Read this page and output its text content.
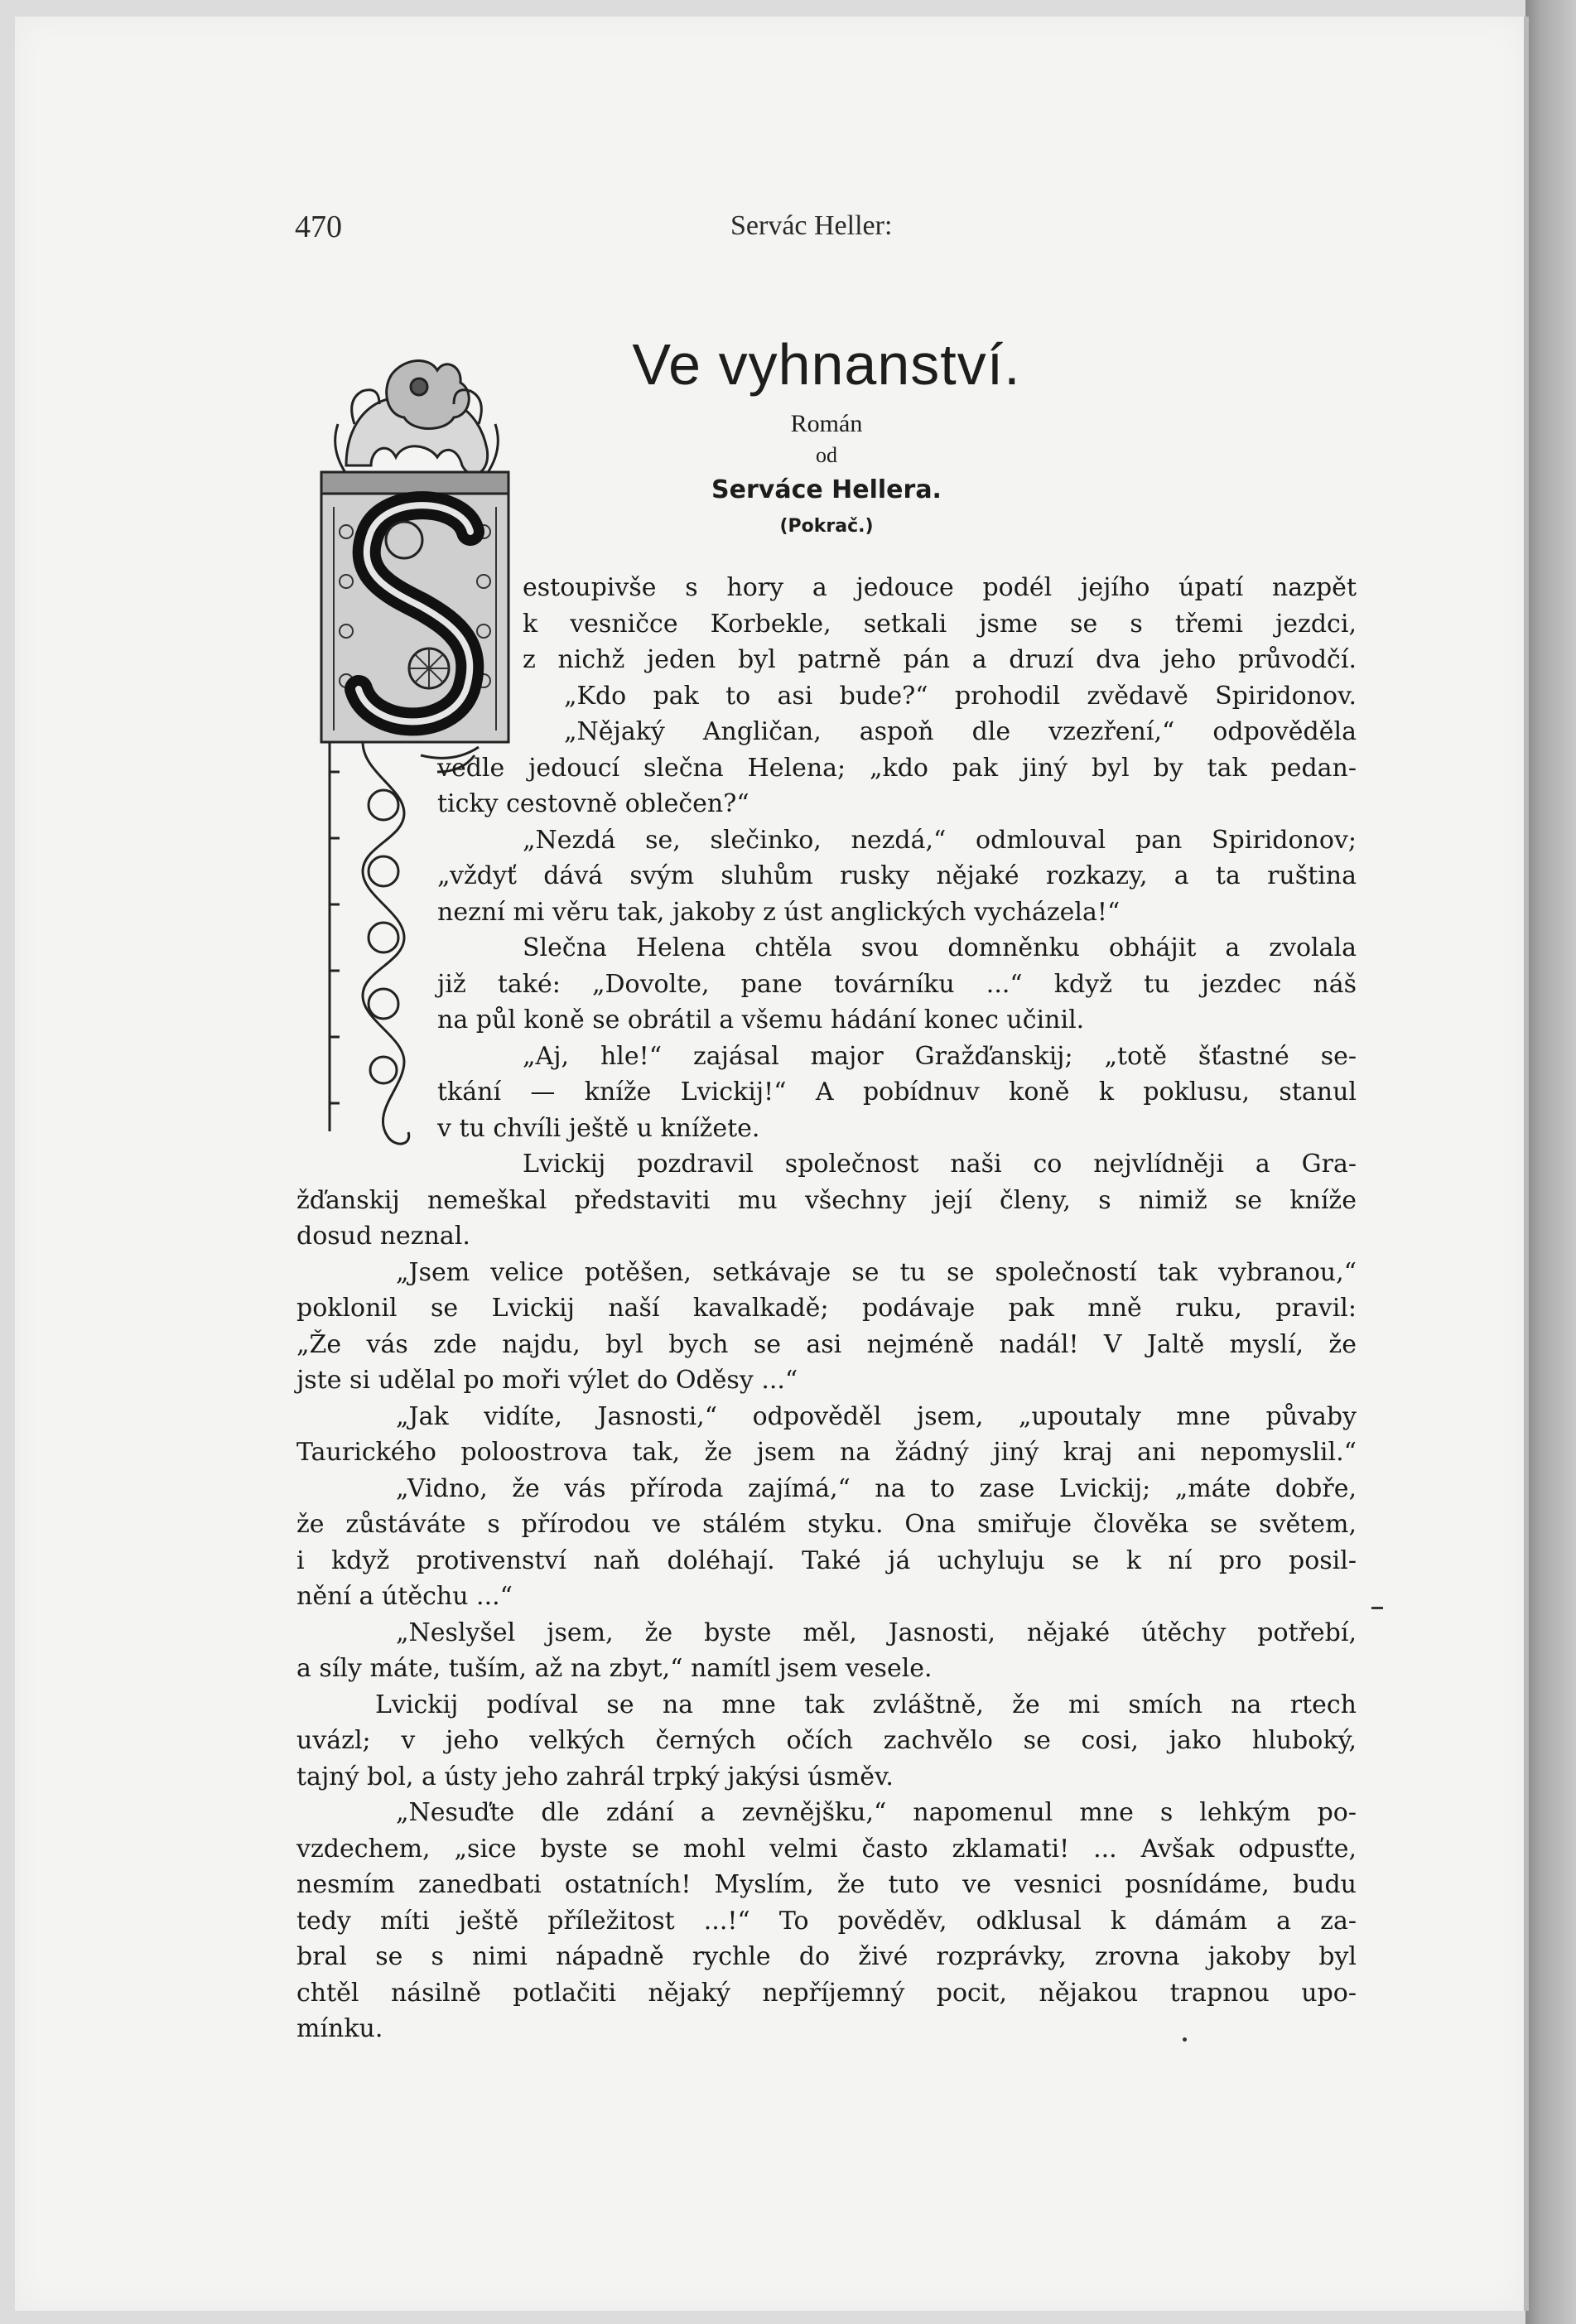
470	Servác Heller:
Ve vyhnanství.

Román

od

Serváce Hellera.

(Pokrač.)

estoupivše s hory a jedouce podél jejího úpatí nazpět
k vesničce Korbekle, setkali jsme se s třemi jezdci,
z nichž jeden byl patrně pán a druzí dva jeho průvodčí.
„Kdo pak to asi bude?“ prohodil zvědavě Spiridonov.
„Nějaký Angličan, aspoň dle vzezření,“ odpověděla
vedle jedoucí slečna Helena; „kdo pak jiný byl by tak pedan-
ticky cestovně oblečen?“
„Nezdá se, slečinko, nezdá,“ odmlouval pan Spiridonov;
„vždyť dává svým sluhům rusky nějaké rozkazy, a ta ruština
nezní mi věru tak, jakoby z úst anglických vycházela!“
Slečna Helena chtěla svou domněnku obhájit a zvolala
již také: „Dovolte, pane továrníku ...“ když tu jezdec náš
na půl koně se obrátil a všemu hádání konec učinil.
„Aj, hle!“ zajásal major Gražďanskij; „totě šťastné se-
tkání — kníže Lvickij!“ A pobídnuv koně k poklusu, stanul
v tu chvíli ještě u knížete.
Lvickij pozdravil společnost naši co nejvlídněji a Gra-
žďanskij nemeškal představiti mu všechny její členy, s nimiž se kníže
dosud neznal.
„Jsem velice potěšen, setkávaje se tu se společností tak vybranou,“
poklonil se Lvickij naší kavalkadě; podávaje pak mně ruku, pravil:
„Že vás zde najdu, byl bych se asi nejméně nadál! V Jaltě myslí, že
jste si udělal po moři výlet do Oděsy ...“
„Jak vidíte, Jasnosti,“ odpověděl jsem, „upoutaly mne půvaby
Taurického poloostrova tak, že jsem na žádný jiný kraj ani nepomyslil.“
„Vidno, že vás příroda zajímá,“ na to zase Lvickij; „máte dobře,
že zůstáváte s přírodou ve stálém styku. Ona smiřuje člověka se světem,
i když protivenství naň doléhají. Také já uchyluju se k ní pro posil-
nění a útěchu ...“
„Neslyšel jsem, že byste měl, Jasnosti, nějaké útěchy potřebí,
a síly máte, tuším, až na zbyt,“ namítl jsem vesele.
Lvickij podíval se na mne tak zvláštně, že mi smích na rtech
uvázl; v jeho velkých černých očích zachvělo se cosi, jako hluboký,
tajný bol, a ústy jeho zahrál trpký jakýsi úsměv.
„Nesuďte dle zdání a zevnějšku,“ napomenul mne s lehkým po-
vzdechem, „sice byste se mohl velmi často zklamati! ... Avšak odpusťte,
nesmím zanedbati ostatních! Myslím, že tuto ve vesnici posnídáme, budu
tedy míti ještě příležitost ...!“ To pověděv, odklusal k dámám a za-
bral se s nimi nápadně rychle do živé rozprávky, zrovna jakoby byl
chtěl násilně potlačiti nějaký nepříjemný pocit, nějakou trapnou upo-
mínku.
